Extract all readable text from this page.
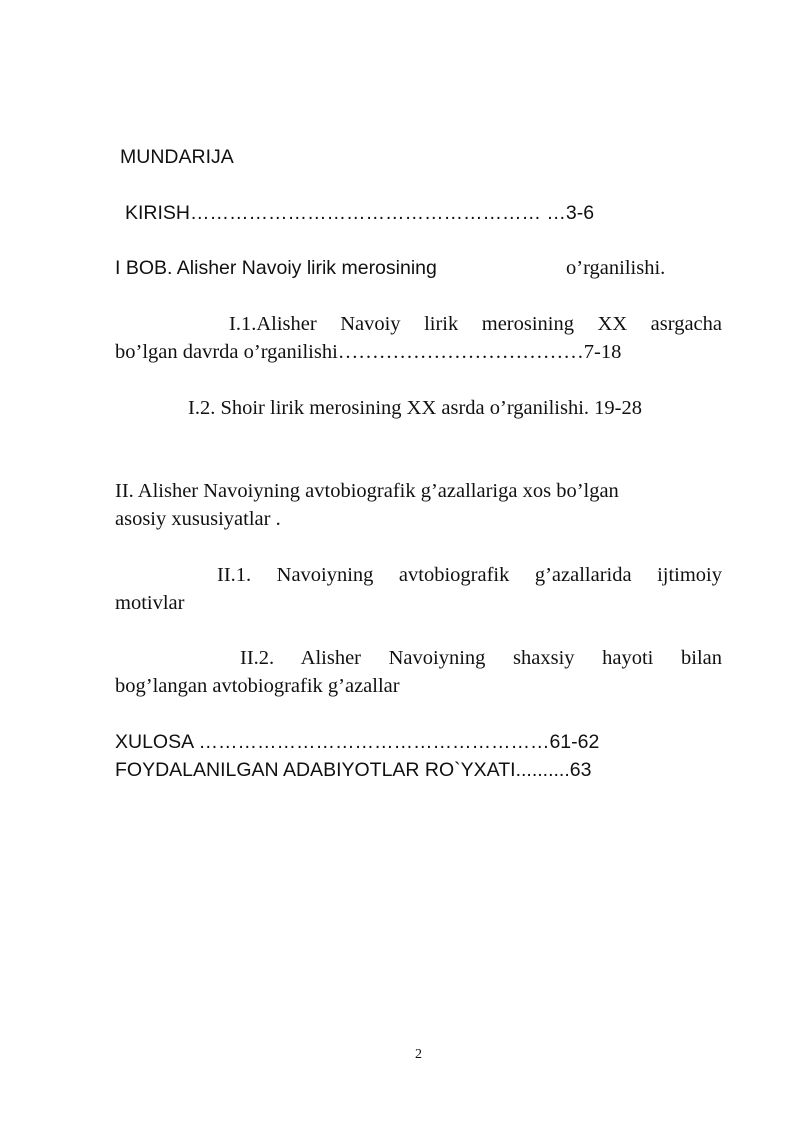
MUNDARIJA
KIRISH……………………………………………… …3-6
I BOB. Alisher Navoiy lirik merosining	o’rganilishi.
I.1.Alisher Navoiy lirik merosining XX asrgacha
bo’lgan davrda o’rganilishi………………………………7-18
I.2. Shoir lirik merosining XX asrda o’rganilishi. 19-28
II. Alisher Navoiyning avtobiografik g’azallariga xos bo’lgan
asosiy xususiyatlar .
II.1. Navoiyning avtobiografik g’azallarida ijtimoiy
motivlar
II.2. Alisher Navoiyning shaxsiy hayoti bilan
bog’langan avtobiografik g’azallar
XULOSA ………………………………………………61-62
FOYDALANILGAN ADABIYOTLAR RO`YXATI..........63
2
